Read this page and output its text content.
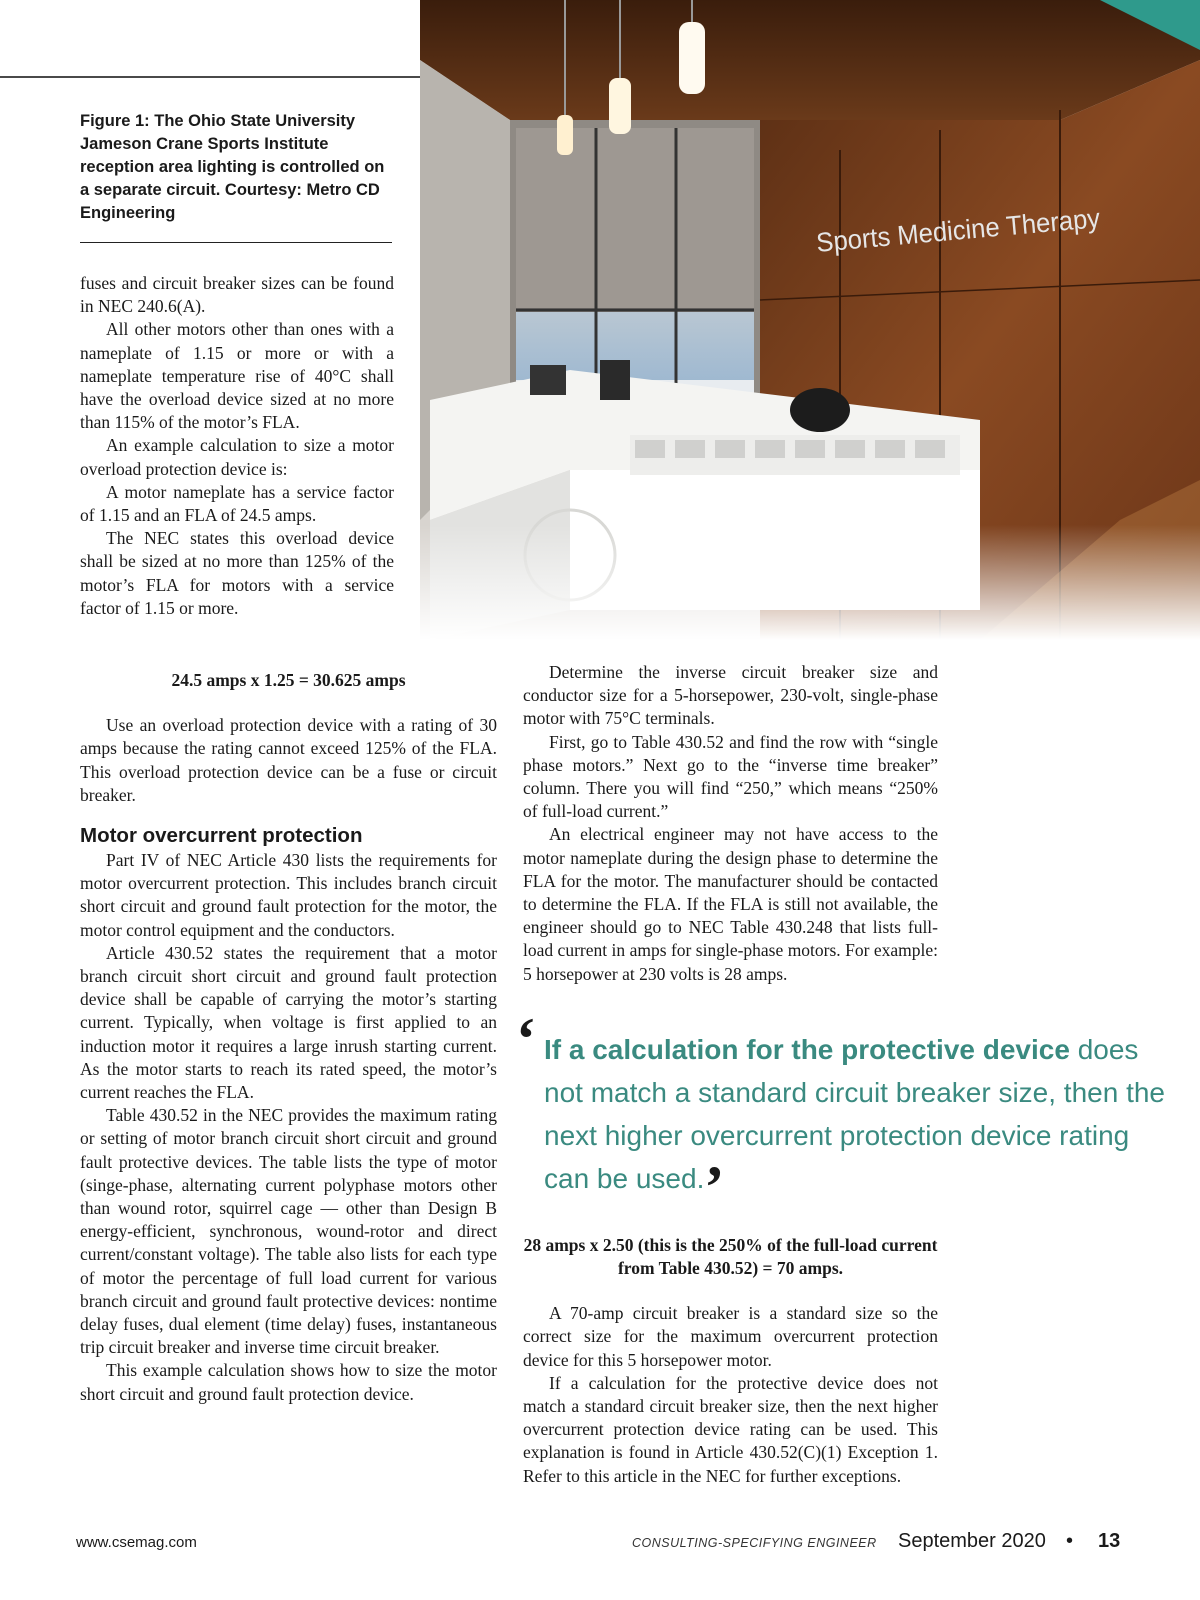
Figure 1: The Ohio State University Jameson Crane Sports Institute reception area lighting is controlled on a separate circuit. Courtesy: Metro CD Engineering

fuses and circuit breaker sizes can be found in NEC 240.6(A).

All other motors other than ones with a nameplate of 1.15 or more or with a nameplate temperature rise of 40°C shall have the overload device sized at no more than 115% of the motor’s FLA.

An example calculation to size a motor overload protection device is:

A motor nameplate has a service factor of 1.15 and an FLA of 24.5 amps.

The NEC states this overload device shall be sized at no more than 125% of the motor’s FLA for motors with a service factor of 1.15 or more.

24.5 amps x 1.25 = 30.625 amps

Use an overload protection device with a rating of 30 amps because the rating cannot exceed 125% of the FLA. This overload protection device can be a fuse or circuit breaker.

Motor overcurrent protection

Part IV of NEC Article 430 lists the requirements for motor overcurrent protection. This includes branch circuit short circuit and ground fault protection for the motor, the motor control equipment and the conductors.

Article 430.52 states the requirement that a motor branch circuit short circuit and ground fault protection device shall be capable of carrying the motor’s starting current. Typically, when voltage is first applied to an induction motor it requires a large inrush starting current. As the motor starts to reach its rated speed, the motor’s current reaches the FLA.

Table 430.52 in the NEC provides the maximum rating or setting of motor branch circuit short circuit and ground fault protective devices. The table lists the type of motor (singe-phase, alternating current polyphase motors other than wound rotor, squirrel cage — other than Design B energy-efficient, synchronous, wound-rotor and direct current/constant voltage). The table also lists for each type of motor the percentage of full load current for various branch circuit and ground fault protective devices: nontime delay fuses, dual element (time delay) fuses, instantaneous trip circuit breaker and inverse time circuit breaker.

This example calculation shows how to size the motor short circuit and ground fault protection device.

Determine the inverse circuit breaker size and conductor size for a 5-horsepower, 230-volt, single-phase motor with 75°C terminals.

First, go to Table 430.52 and find the row with “single phase motors.” Next go to the “inverse time breaker” column. There you will find “250,” which means “250% of full-load current.”

An electrical engineer may not have access to the motor nameplate during the design phase to determine the FLA for the motor. The manufacturer should be contacted to determine the FLA. If the FLA is still not available, the engineer should go to NEC Table 430.248 that lists full-load current in amps for single-phase motors. For example: 5 horsepower at 230 volts is 28 amps.

28 amps x 2.50 (this is the 250% of the full-load current from Table 430.52) = 70 amps.

A 70-amp circuit breaker is a standard size so the correct size for the maximum overcurrent protection device for this 5 horsepower motor.

If a calculation for the protective device does not match a standard circuit breaker size, then the next higher overcurrent protection device rating can be used. This explanation is found in Article 430.52(C)(1) Exception 1. Refer to this article in the NEC for further exceptions.

‘ If a calculation for the protective device does not match a standard circuit breaker size, then the next higher overcurrent protection device rating can be used. ’
www.csemag.com	CONSULTING-SPECIFYING ENGINEER September 2020 • 13
